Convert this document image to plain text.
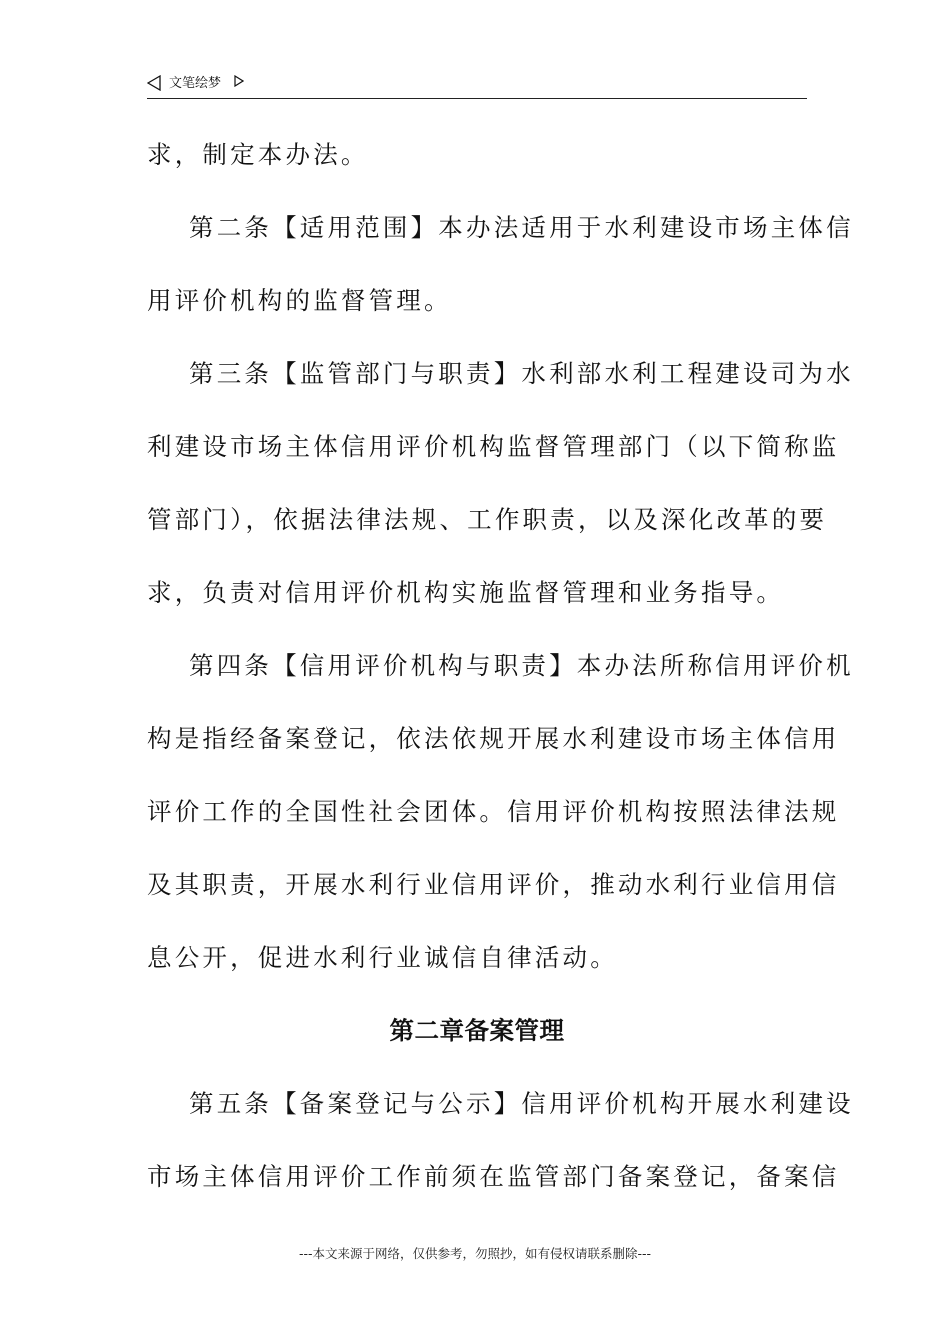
文笔绘梦
求，制定本办法。
第二条【适用范围】本办法适用于水利建设市场主体信
用评价机构的监督管理。
第三条【监管部门与职责】水利部水利工程建设司为水
利建设市场主体信用评价机构监督管理部门（以下简称监
管部门），依据法律法规、工作职责，以及深化改革的要
求，负责对信用评价机构实施监督管理和业务指导。
第四条【信用评价机构与职责】本办法所称信用评价机
构是指经备案登记，依法依规开展水利建设市场主体信用
评价工作的全国性社会团体。信用评价机构按照法律法规
及其职责，开展水利行业信用评价，推动水利行业信用信
息公开，促进水利行业诚信自律活动。
第二章备案管理
第五条【备案登记与公示】信用评价机构开展水利建设
市场主体信用评价工作前须在监管部门备案登记，备案信
---本文来源于网络，仅供参考，勿照抄，如有侵权请联系删除---
